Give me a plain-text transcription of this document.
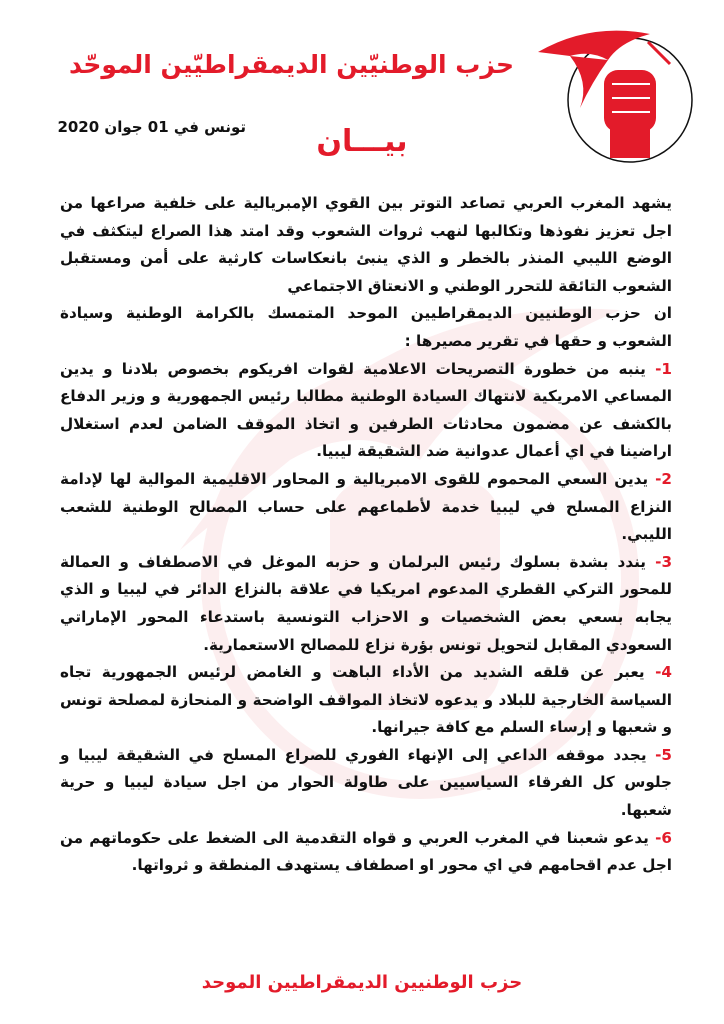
حزب الوطنيّين الديمقراطيّين الموحّد
تونس في 01 جوان 2020	بيـــان

يشهد المغرب العربي تصاعد التوتر بين القوي الإمبريالية على خلفية صراعها من اجل تعزيز نفوذها وتكالبها لنهب ثروات الشعوب وقد امتد هذا الصراع ليتكثف في الوضع الليبي المنذر بالخطر و الذي ينبئ بانعكاسات كارثية على أمن ومستقبل الشعوب التائقة للتحرر الوطني و الانعتاق الاجتماعي

ان حزب الوطنيين الديمقراطيين الموحد المتمسك بالكرامة الوطنية وسيادة الشعوب و حقها في تقرير مصيرها :

1- ينبه من خطورة التصريحات الاعلامية لقوات افريكوم بخصوص بلادنا و يدين المساعي الامريكية لانتهاك السيادة الوطنية مطالبا رئيس الجمهورية و وزير الدفاع بالكشف عن مضمون محادثات الطرفين و اتخاذ الموقف الضامن لعدم استغلال اراضينا في اي أعمال عدوانية ضد الشقيقة ليبيا.

2- يدين السعي المحموم للقوى الامبريالية و المحاور الاقليمية الموالية لها لإدامة النزاع المسلح في ليبيا خدمة لأطماعهم على حساب المصالح الوطنية للشعب الليبي.

3- يندد بشدة بسلوك رئيس البرلمان و حزبه الموغل في الاصطفاف و العمالة للمحور التركي القطري المدعوم امريكيا في علاقة بالنزاع الدائر في ليبيا و الذي يجابه بسعي بعض الشخصيات و الاحزاب التونسية باستدعاء المحور الإماراتي السعودي المقابل لتحويل تونس بؤرة نزاع للمصالح الاستعمارية.

4- يعبر عن قلقه الشديد من الأداء الباهت و الغامض لرئيس الجمهورية تجاه السياسة الخارجية للبلاد و يدعوه لاتخاذ المواقف الواضحة و المنحازة لمصلحة تونس و شعبها و إرساء السلم مع كافة جيرانها.

5- يجدد موقفه الداعي إلى الإنهاء الفوري للصراع المسلح في الشقيقة ليبيا و جلوس كل الفرقاء السياسيين على طاولة الحوار من اجل سيادة ليبيا و حرية شعبها.

6- يدعو شعبنا في المغرب العربي و قواه التقدمية الى الضغط على حكوماتهم من اجل عدم اقحامهم في اي محور او اصطفاف يستهدف المنطقة و ثرواتها.

حزب الوطنيين الديمقراطيين الموحد
